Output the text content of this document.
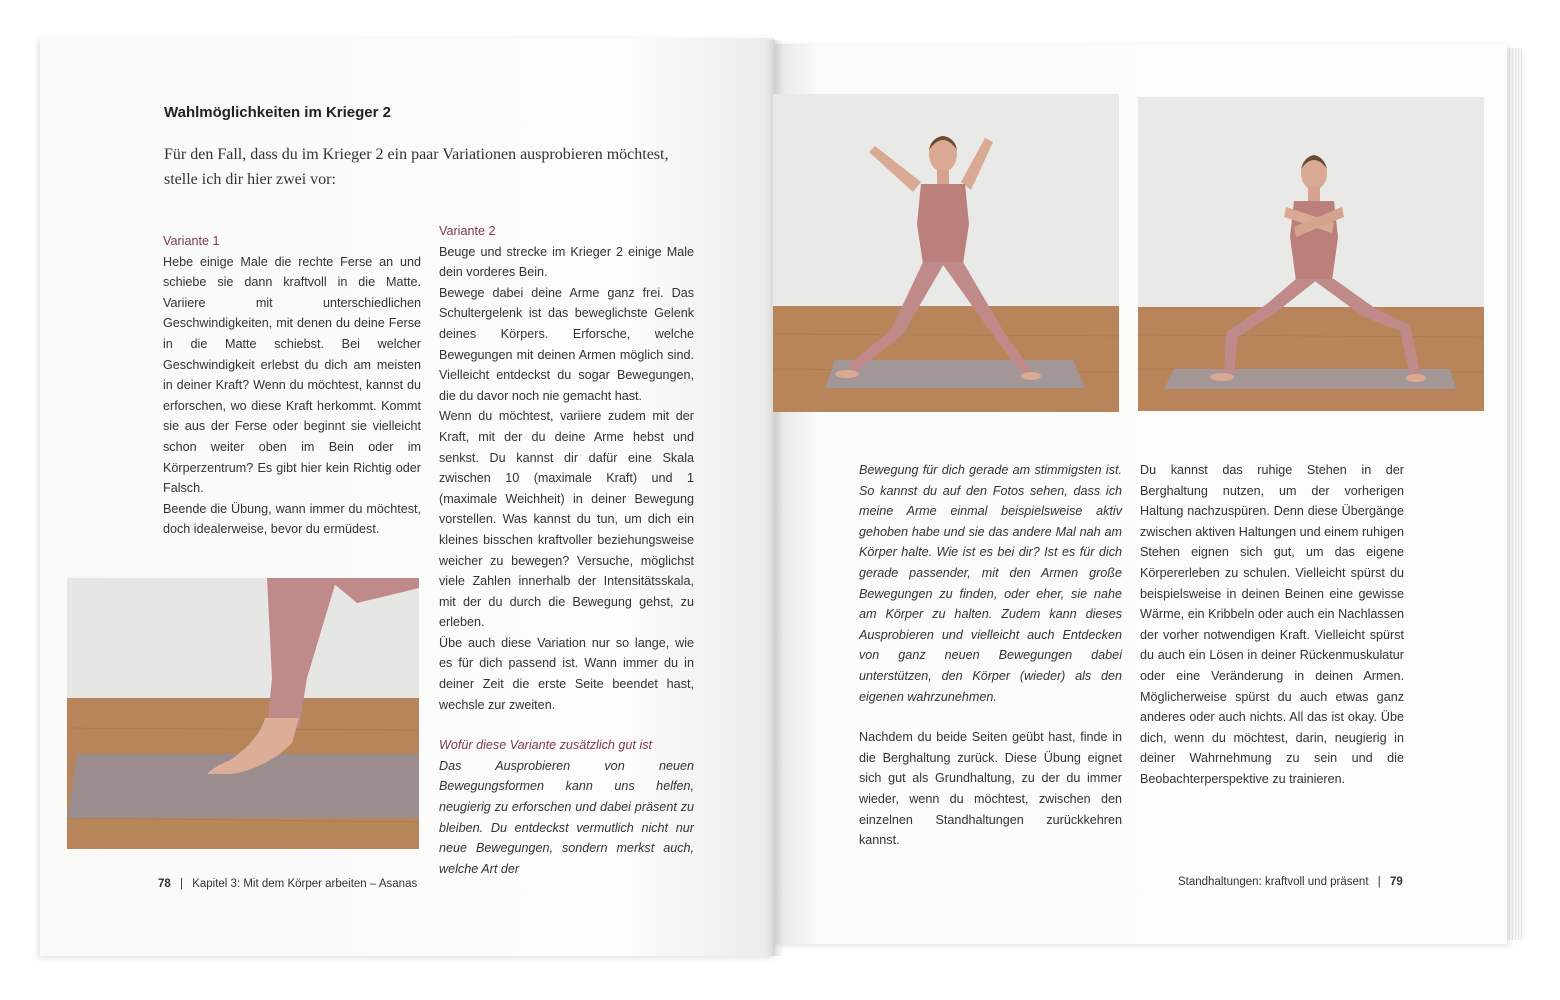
Wahlmöglichkeiten im Krieger 2
Für den Fall, dass du im Krieger 2 ein paar Variationen ausprobieren möchtest, stelle ich dir hier zwei vor:
Variante 1

Hebe einige Male die rechte Ferse an und schiebe sie dann kraftvoll in die Matte. Variiere mit unterschiedlichen Geschwindigkeiten, mit denen du deine Ferse in die Matte schiebst. Bei welcher Geschwindigkeit erlebst du dich am meisten in deiner Kraft? Wenn du möchtest, kannst du erforschen, wo diese Kraft herkommt. Kommt sie aus der Ferse oder beginnt sie vielleicht schon weiter oben im Bein oder im Körperzentrum? Es gibt hier kein Richtig oder Falsch.

Beende die Übung, wann immer du möchtest, doch idealerweise, bevor du ermüdest.

Variante 2

Beuge und strecke im Krieger 2 einige Male dein vorderes Bein.

Bewege dabei deine Arme ganz frei. Das Schultergelenk ist das beweglichste Gelenk deines Körpers. Erforsche, welche Bewegungen mit deinen Armen möglich sind. Vielleicht entdeckst du sogar Bewegungen, die du davor noch nie gemacht hast.

Wenn du möchtest, variiere zudem mit der Kraft, mit der du deine Arme hebst und senkst. Du kannst dir dafür eine Skala zwischen 10 (maximale Kraft) und 1 (maximale Weichheit) in deiner Bewegung vorstellen. Was kannst du tun, um dich ein kleines bisschen kraftvoller beziehungsweise weicher zu bewegen? Versuche, möglichst viele Zahlen innerhalb der Intensitätsskala, mit der du durch die Bewegung gehst, zu erleben.

Übe auch diese Variation nur so lange, wie es für dich passend ist. Wann immer du in deiner Zeit die erste Seite beendet hast, wechsle zur zweiten.

Wofür diese Variante zusätzlich gut ist

Das Ausprobieren von neuen Bewegungsformen kann uns helfen, neugierig zu erforschen und dabei präsent zu bleiben. Du entdeckst vermutlich nicht nur neue Bewegungen, sondern merkst auch, welche Art der

78 | Kapitel 3: Mit dem Körper arbeiten – Asanas

Bewegung für dich gerade am stimmigsten ist. So kannst du auf den Fotos sehen, dass ich meine Arme einmal beispielsweise aktiv gehoben habe und sie das andere Mal nah am Körper halte. Wie ist es bei dir? Ist es für dich gerade passender, mit den Armen große Bewegungen zu finden, oder eher, sie nahe am Körper zu halten. Zudem kann dieses Ausprobieren und vielleicht auch Entdecken von ganz neuen Bewegungen dabei unterstützen, den Körper (wieder) als den eigenen wahrzunehmen.

Nachdem du beide Seiten geübt hast, finde in die Berghaltung zurück. Diese Übung eignet sich gut als Grundhaltung, zu der du immer wieder, wenn du möchtest, zwischen den einzelnen Standhaltungen zurückkehren kannst.

Du kannst das ruhige Stehen in der Berghaltung nutzen, um der vorherigen Haltung nachzuspüren. Denn diese Übergänge zwischen aktiven Haltungen und einem ruhigen Stehen eignen sich gut, um das eigene Körpererleben zu schulen. Vielleicht spürst du beispielsweise in deinen Beinen eine gewisse Wärme, ein Kribbeln oder auch ein Nachlassen der vorher notwendigen Kraft. Vielleicht spürst du auch ein Lösen in deiner Rückenmuskulatur oder eine Veränderung in deinen Armen. Möglicherweise spürst du auch etwas ganz anderes oder auch nichts. All das ist okay. Übe dich, wenn du möchtest, darin, neugierig in deiner Wahrnehmung zu sein und die Beobachterperspektive zu trainieren.

Standhaltungen: kraftvoll und präsent | 79
